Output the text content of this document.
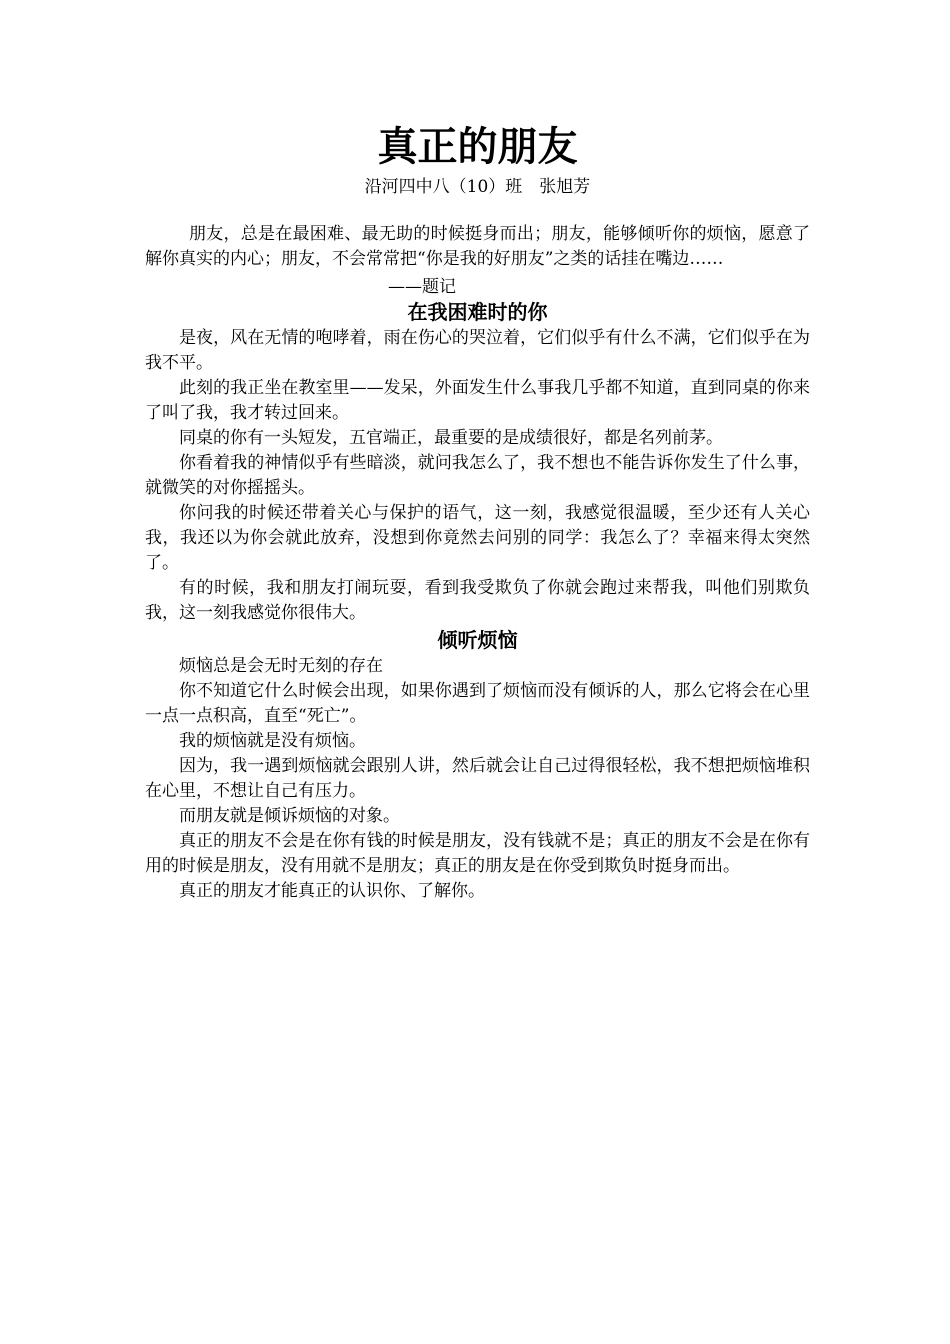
真正的朋友

沿河四中八（10）班　张旭芳

朋友，总是在最困难、最无助的时候挺身而出；朋友，能够倾听你的烦恼，愿意了解你真实的内心；朋友，不会常常把“你是我的好朋友”之类的话挂在嘴边……

——题记

在我困难时的你

是夜，风在无情的咆哮着，雨在伤心的哭泣着，它们似乎有什么不满，它们似乎在为我不平。

此刻的我正坐在教室里——发呆，外面发生什么事我几乎都不知道，直到同桌的你来了叫了我，我才转过回来。

同桌的你有一头短发，五官端正，最重要的是成绩很好，都是名列前茅。

你看着我的神情似乎有些暗淡，就问我怎么了，我不想也不能告诉你发生了什么事，就微笑的对你摇摇头。

你问我的时候还带着关心与保护的语气，这一刻，我感觉很温暖，至少还有人关心我，我还以为你会就此放弃，没想到你竟然去问别的同学：我怎么了？幸福来得太突然了。

有的时候，我和朋友打闹玩耍，看到我受欺负了你就会跑过来帮我，叫他们别欺负我，这一刻我感觉你很伟大。

倾听烦恼

烦恼总是会无时无刻的存在

你不知道它什么时候会出现，如果你遇到了烦恼而没有倾诉的人，那么它将会在心里一点一点积高，直至“死亡”。

我的烦恼就是没有烦恼。

因为，我一遇到烦恼就会跟别人讲，然后就会让自己过得很轻松，我不想把烦恼堆积在心里，不想让自己有压力。

而朋友就是倾诉烦恼的对象。

真正的朋友不会是在你有钱的时候是朋友，没有钱就不是；真正的朋友不会是在你有用的时候是朋友，没有用就不是朋友；真正的朋友是在你受到欺负时挺身而出。

真正的朋友才能真正的认识你、了解你。
